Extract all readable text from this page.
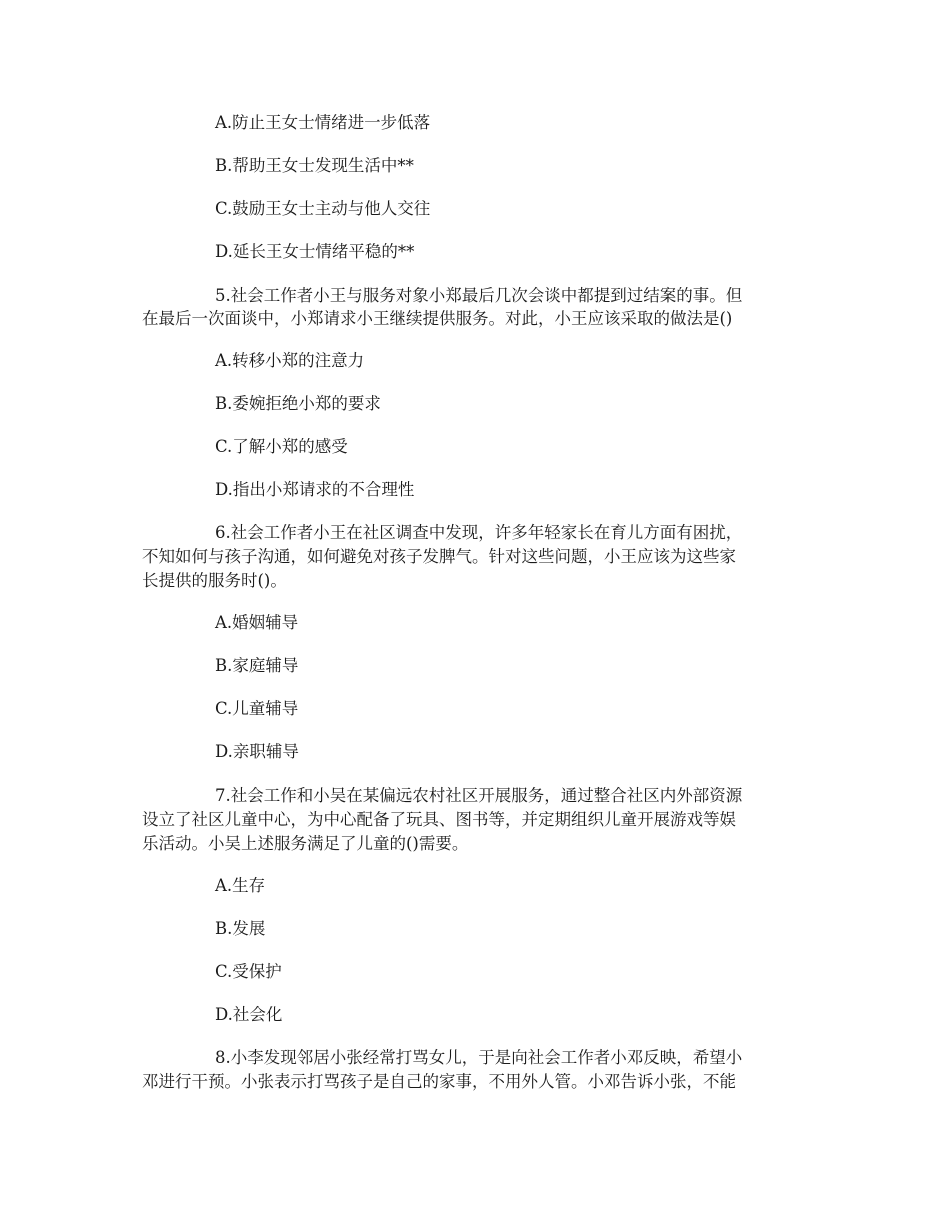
A.防止王女士情绪进一步低落
B.帮助王女士发现生活中**
C.鼓励王女士主动与他人交往
D.延长王女士情绪平稳的**
5.社会工作者小王与服务对象小郑最后几次会谈中都提到过结案的事。但
在最后一次面谈中，小郑请求小王继续提供服务。对此，小王应该采取的做法是()
A.转移小郑的注意力
B.委婉拒绝小郑的要求
C.了解小郑的感受
D.指出小郑请求的不合理性
6.社会工作者小王在社区调查中发现，许多年轻家长在育儿方面有困扰，
不知如何与孩子沟通，如何避免对孩子发脾气。针对这些问题，小王应该为这些家
长提供的服务时()。
A.婚姻辅导
B.家庭辅导
C.儿童辅导
D.亲职辅导
7.社会工作和小吴在某偏远农村社区开展服务，通过整合社区内外部资源
设立了社区儿童中心，为中心配备了玩具、图书等，并定期组织儿童开展游戏等娱
乐活动。小吴上述服务满足了儿童的()需要。
A.生存
B.发展
C.受保护
D.社会化
8.小李发现邻居小张经常打骂女儿，于是向社会工作者小邓反映，希望小
邓进行干预。小张表示打骂孩子是自己的家事，不用外人管。小邓告诉小张，不能
